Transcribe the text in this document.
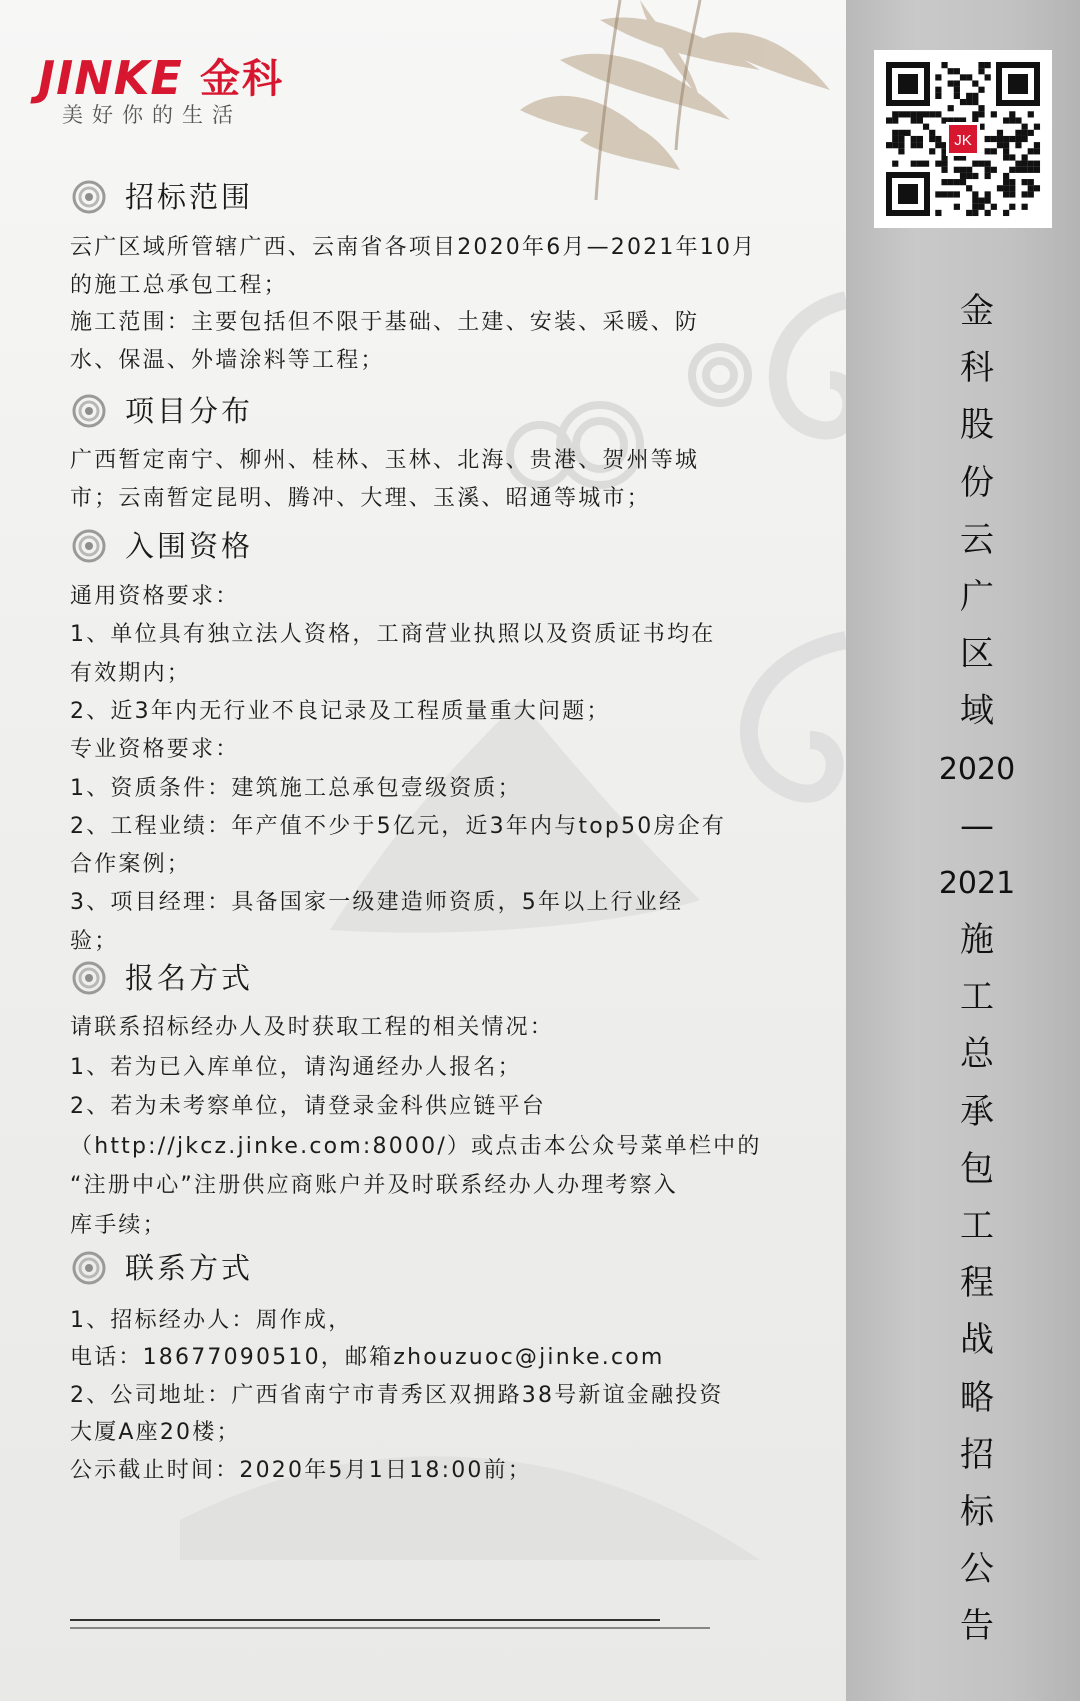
JINKE 金科
美好你的生活
JK
金
科
股
份
云
广
区
域
2020
—
2021
施
工
总
承
包
工
程
战
略
招
标
公
告
招标范围
云广区域所管辖广西、云南省各项目2020年6月—2021年10月
的施工总承包工程；
施工范围：主要包括但不限于基础、土建、安装、采暖、防
水、保温、外墙涂料等工程；
项目分布
广西暂定南宁、柳州、桂林、玉林、北海、贵港、贺州等城
市；云南暂定昆明、腾冲、大理、玉溪、昭通等城市；
入围资格
通用资格要求：
1、单位具有独立法人资格，工商营业执照以及资质证书均在
有效期内；
2、近3年内无行业不良记录及工程质量重大问题；
专业资格要求：
1、资质条件：建筑施工总承包壹级资质；
2、工程业绩：年产值不少于5亿元，近3年内与top50房企有
合作案例；
3、项目经理：具备国家一级建造师资质，5年以上行业经
验；
报名方式
请联系招标经办人及时获取工程的相关情况：
1、若为已入库单位，请沟通经办人报名；
2、若为未考察单位，请登录金科供应链平台
（http://jkcz.jinke.com:8000/）或点击本公众号菜单栏中的
“注册中心”注册供应商账户并及时联系经办人办理考察入
库手续；
联系方式
1、招标经办人：周作成，
电话：18677090510，邮箱zhouzuoc@jinke.com
2、公司地址：广西省南宁市青秀区双拥路38号新谊金融投资
大厦A座20楼；
公示截止时间：2020年5月1日18:00前；
